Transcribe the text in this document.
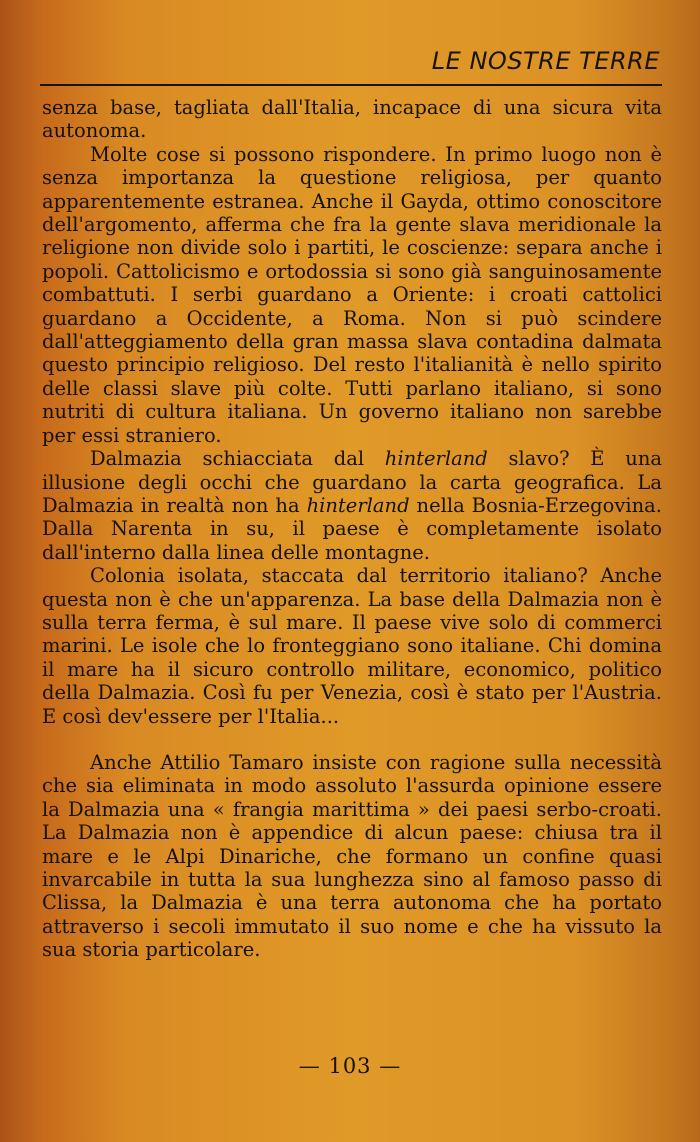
LE NOSTRE TERRE

senza base, tagliata dall'Italia, incapace di una sicura vita autonoma.

Molte cose si possono rispondere. In primo luogo non è senza importanza la questione religiosa, per quanto apparentemente estranea. Anche il Gayda, ottimo conoscitore dell'argomento, afferma che fra la gente slava meridionale la religione non divide solo i partiti, le coscienze: separa anche i popoli. Cattolicismo e ortodossia si sono già sanguinosamente combattuti. I serbi guardano a Oriente: i croati cattolici guardano a Occidente, a Roma. Non si può scindere dall'atteggiamento della gran massa slava contadina dalmata questo principio religioso. Del resto l'italianità è nello spirito delle classi slave più colte. Tutti parlano italiano, si sono nutriti di cultura italiana. Un governo italiano non sarebbe per essi straniero.

Dalmazia schiacciata dal hinterland slavo? È una illusione degli occhi che guardano la carta geografica. La Dalmazia in realtà non ha hinterland nella Bosnia-Erzegovina. Dalla Narenta in su, il paese è completamente isolato dall'interno dalla linea delle montagne.

Colonia isolata, staccata dal territorio italiano? Anche questa non è che un'apparenza. La base della Dalmazia non è sulla terra ferma, è sul mare. Il paese vive solo di commerci marini. Le isole che lo fronteggiano sono italiane. Chi domina il mare ha il sicuro controllo militare, economico, politico della Dalmazia. Così fu per Venezia, così è stato per l'Austria. E così dev'essere per l'Italia...

Anche Attilio Tamaro insiste con ragione sulla necessità che sia eliminata in modo assoluto l'assurda opinione essere la Dalmazia una « frangia marittima » dei paesi serbo-croati. La Dalmazia non è appendice di alcun paese: chiusa tra il mare e le Alpi Dinariche, che formano un confine quasi invarcabile in tutta la sua lunghezza sino al famoso passo di Clissa, la Dalmazia è una terra autonoma che ha portato attraverso i secoli immutato il suo nome e che ha vissuto la sua storia particolare.

— 103 —
